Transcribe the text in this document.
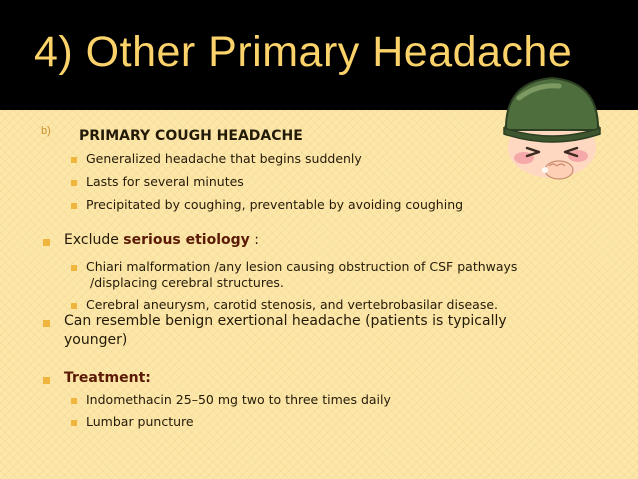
4) Other Primary Headache
b) PRIMARY COUGH HEADACHE
Generalized headache that begins suddenly
Lasts for several minutes
Precipitated by coughing, preventable by avoiding coughing
Exclude serious etiology :
Chiari malformation /any lesion causing obstruction of CSF pathways
/displacing cerebral structures.
Cerebral aneurysm, carotid stenosis, and vertebrobasilar disease.
Can resemble benign exertional headache (patients is typically
younger)
Treatment:
Indomethacin 25–50 mg two to three times daily
Lumbar puncture
